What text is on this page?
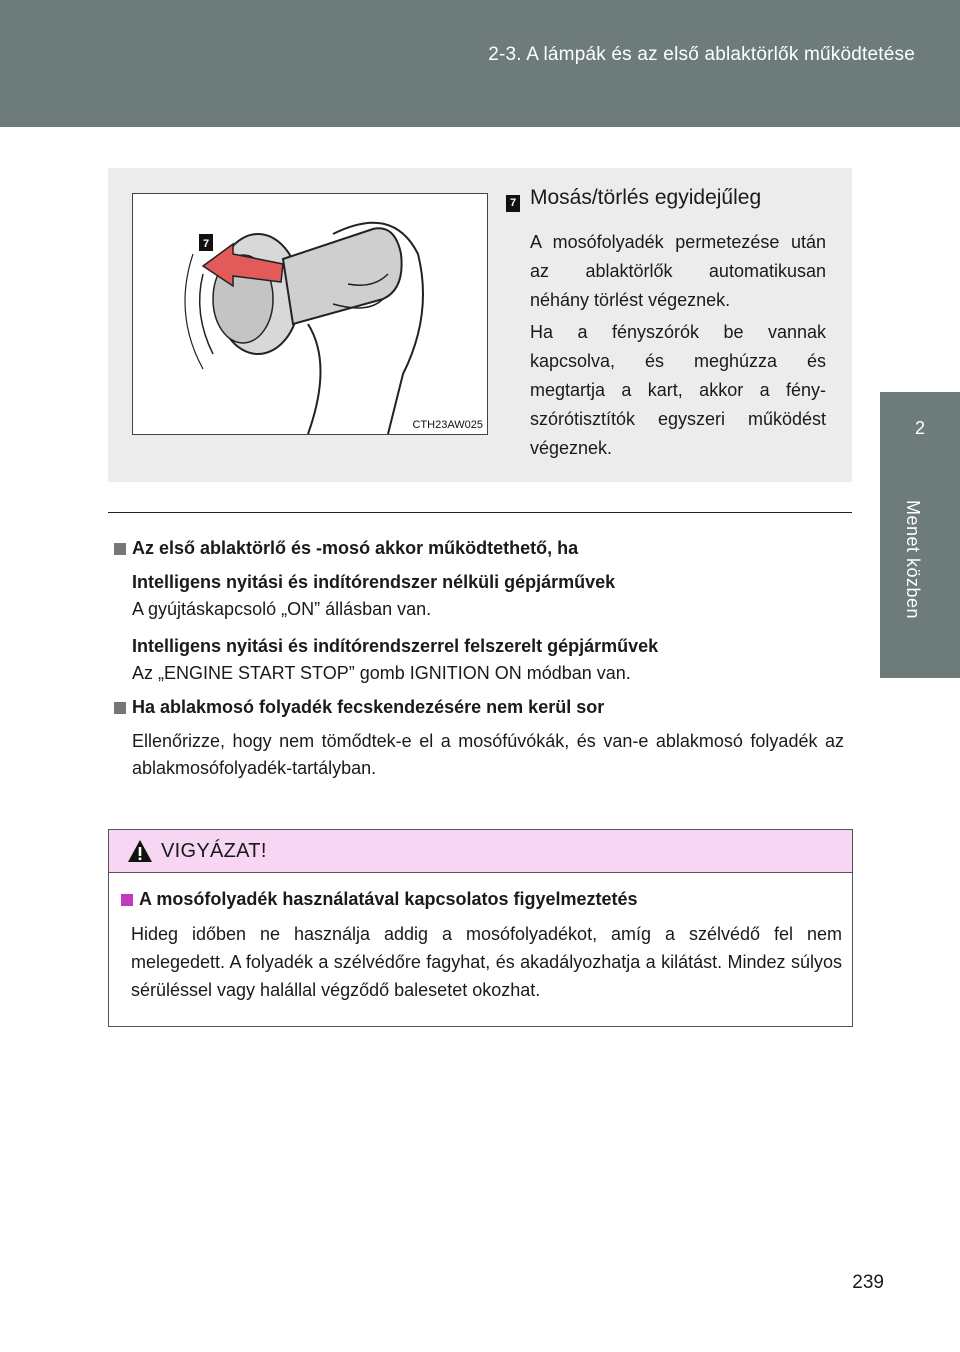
2-3. A lámpák és az első ablaktörlők működtetése
2
Menet közben
7
CTH23AW025
7 Mosás/törlés egyidejűleg
A mosófolyadék permetezése után az ablaktörlők automatikusan néhány törlést végeznek.
Ha a fényszórók be vannak kapcsolva, és meghúzza és megtartja a kart, akkor a fényszórótisztítók egyszeri működést végeznek.
Az első ablaktörlő és -mosó akkor működtethető, ha
Intelligens nyitási és indítórendszer nélküli gépjárművek
A gyújtáskapcsoló „ON” állásban van.
Intelligens nyitási és indítórendszerrel felszerelt gépjárművek
Az „ENGINE START STOP” gomb IGNITION ON módban van.
Ha ablakmosó folyadék fecskendezésére nem kerül sor
Ellenőrizze, hogy nem tömődtek-e el a mosófúvókák, és van-e ablakmosó folyadék az ablakmosófolyadék-tartályban.
VIGYÁZAT!
A mosófolyadék használatával kapcsolatos figyelmeztetés
Hideg időben ne használja addig a mosófolyadékot, amíg a szélvédő fel nem melegedett. A folyadék a szélvédőre fagyhat, és akadályozhatja a kilátást. Mindez súlyos sérüléssel vagy halállal végződő balesetet okozhat.
239
